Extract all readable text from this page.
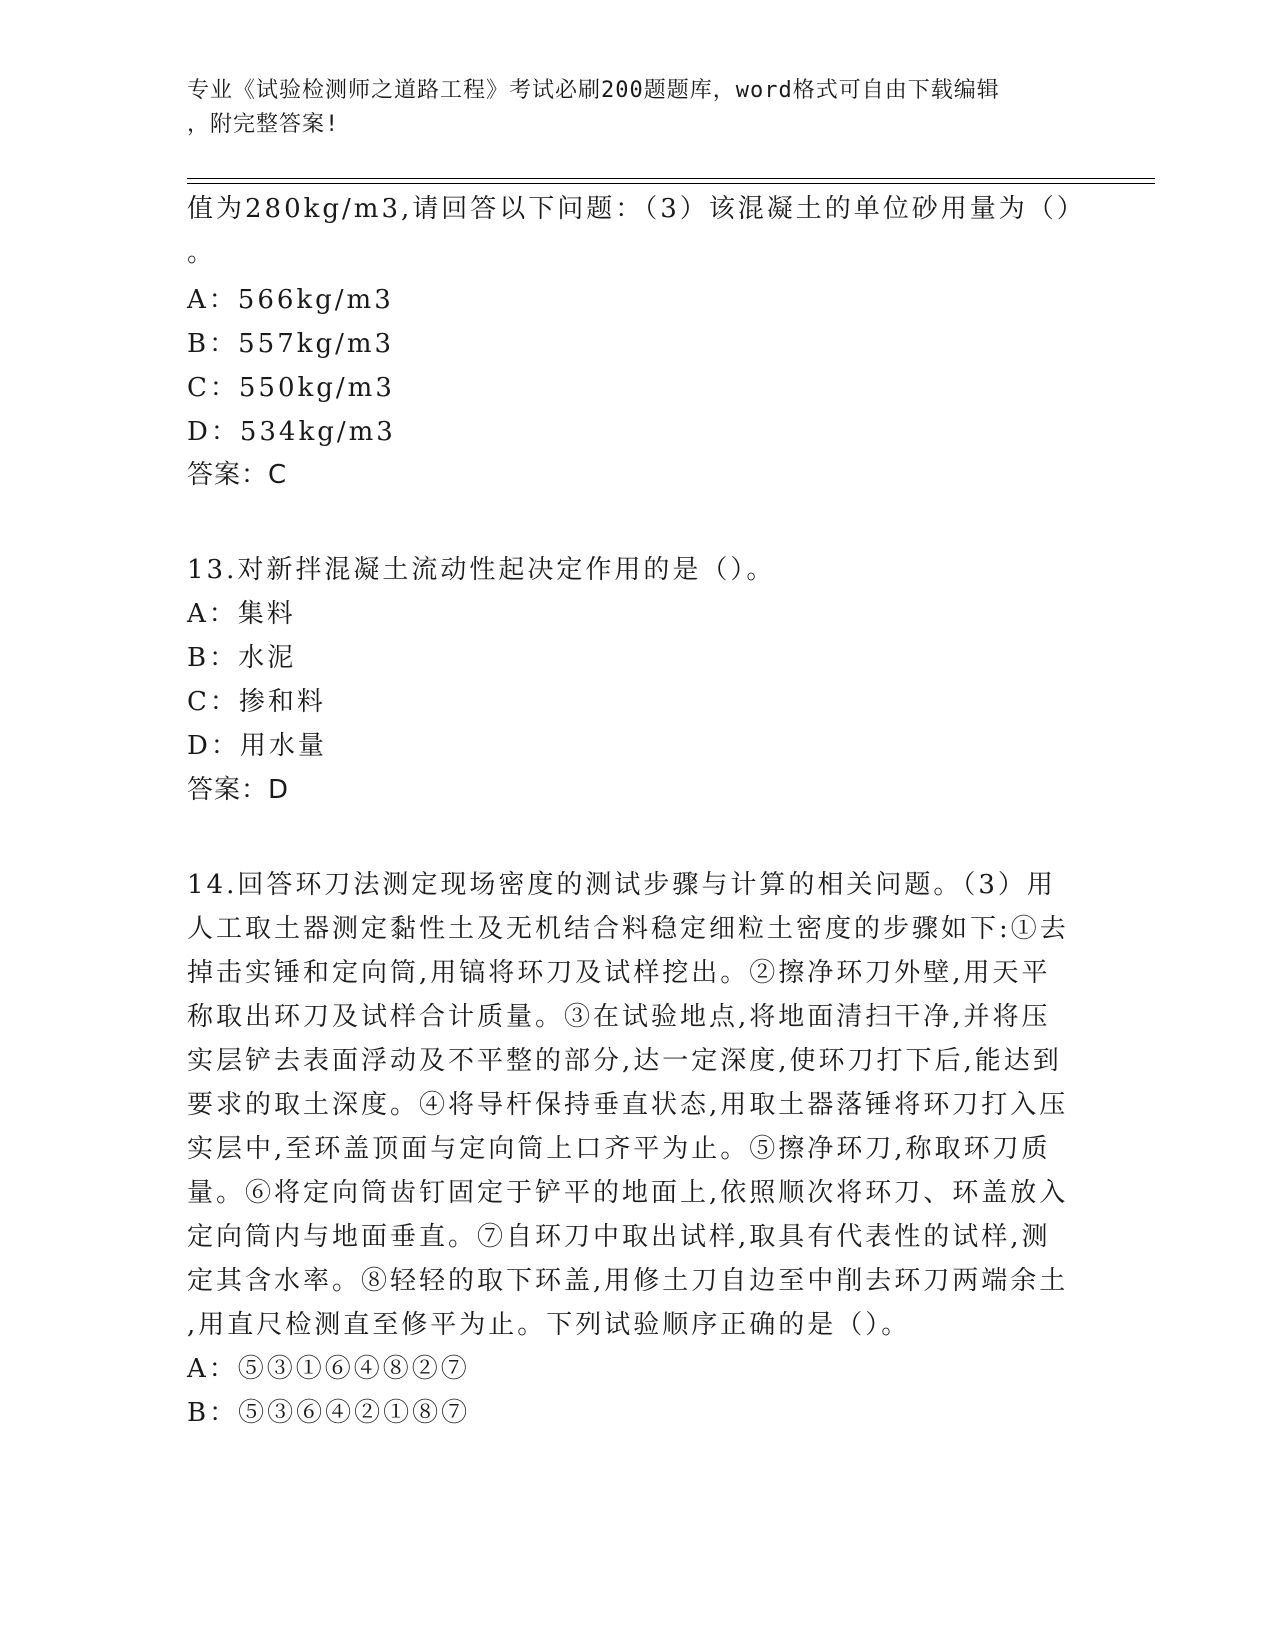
专业《试验检测师之道路工程》考试必刷200题题库，word格式可自由下载编辑
，附完整答案!
值为280kg/m3,请回答以下问题：（3）该混凝土的单位砂用量为（）
。
A：566kg/m3
B：557kg/m3
C：550kg/m3
D：534kg/m3
答案：C
13.对新拌混凝土流动性起决定作用的是（）。
A：集料
B：水泥
C：掺和料
D：用水量
答案：D
14.回答环刀法测定现场密度的测试步骤与计算的相关问题。（3）用
人工取土器测定黏性土及无机结合料稳定细粒土密度的步骤如下:①去
掉击实锤和定向筒,用镐将环刀及试样挖出。②擦净环刀外壁,用天平
称取出环刀及试样合计质量。③在试验地点,将地面清扫干净,并将压
实层铲去表面浮动及不平整的部分,达一定深度,使环刀打下后,能达到
要求的取土深度。④将导杆保持垂直状态,用取土器落锤将环刀打入压
实层中,至环盖顶面与定向筒上口齐平为止。⑤擦净环刀,称取环刀质
量。⑥将定向筒齿钉固定于铲平的地面上,依照顺次将环刀、环盖放入
定向筒内与地面垂直。⑦自环刀中取出试样,取具有代表性的试样,测
定其含水率。⑧轻轻的取下环盖,用修土刀自边至中削去环刀两端余土
,用直尺检测直至修平为止。下列试验顺序正确的是（）。
A：⑤③①⑥④⑧②⑦
B：⑤③⑥④②①⑧⑦
